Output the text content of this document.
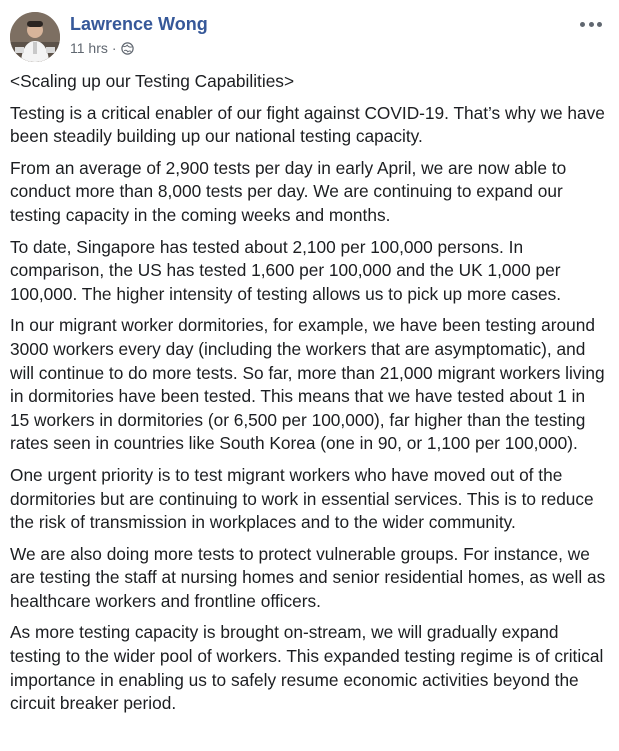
Lawrence Wong
11 hrs ·

<Scaling up our Testing Capabilities>

Testing is a critical enabler of our fight against COVID-19. That’s why we have been steadily building up our national testing capacity.

From an average of 2,900 tests per day in early April, we are now able to conduct more than 8,000 tests per day. We are continuing to expand our testing capacity in the coming weeks and months.

To date, Singapore has tested about 2,100 per 100,000 persons. In comparison, the US has tested 1,600 per 100,000 and the UK 1,000 per 100,000. The higher intensity of testing allows us to pick up more cases.

In our migrant worker dormitories, for example, we have been testing around 3000 workers every day (including the workers that are asymptomatic), and will continue to do more tests. So far, more than 21,000 migrant workers living in dormitories have been tested. This means that we have tested about 1 in 15 workers in dormitories (or 6,500 per 100,000), far higher than the testing rates seen in countries like South Korea (one in 90, or 1,100 per 100,000).

One urgent priority is to test migrant workers who have moved out of the dormitories but are continuing to work in essential services. This is to reduce the risk of transmission in workplaces and to the wider community.

We are also doing more tests to protect vulnerable groups. For instance, we are testing the staff at nursing homes and senior residential homes, as well as healthcare workers and frontline officers.

As more testing capacity is brought on-stream, we will gradually expand testing to the wider pool of workers. This expanded testing regime is of critical importance in enabling us to safely resume economic activities beyond the circuit breaker period.
